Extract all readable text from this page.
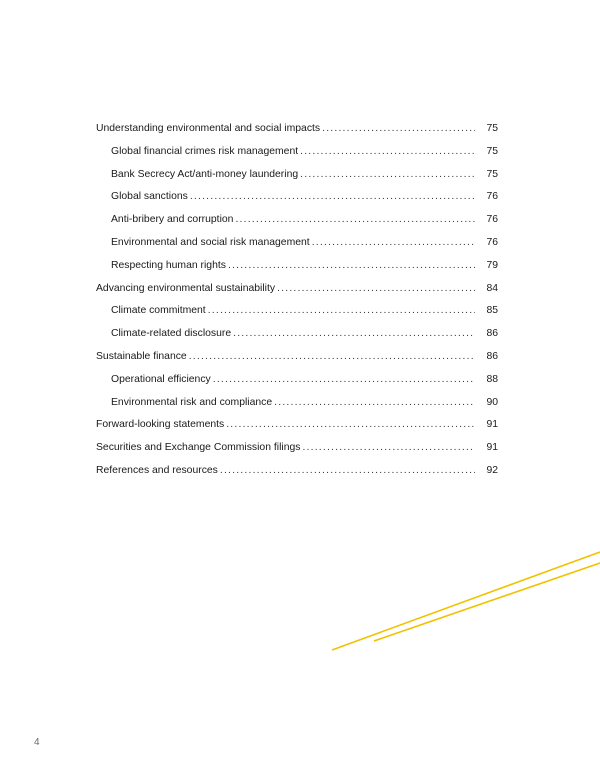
Understanding environmental and social impacts .....	75
Global financial crimes risk management .....	75
Bank Secrecy Act/anti-money laundering .....	75
Global sanctions .....	76
Anti-bribery and corruption .....	76
Environmental and social risk management .....	76
Respecting human rights .....	79
Advancing environmental sustainability .....	84
Climate commitment .....	85
Climate-related disclosure .....	86
Sustainable finance .....	86
Operational efficiency .....	88
Environmental risk and compliance .....	90
Forward-looking statements .....	91
Securities and Exchange Commission filings .....	91
References and resources .....	92
4
